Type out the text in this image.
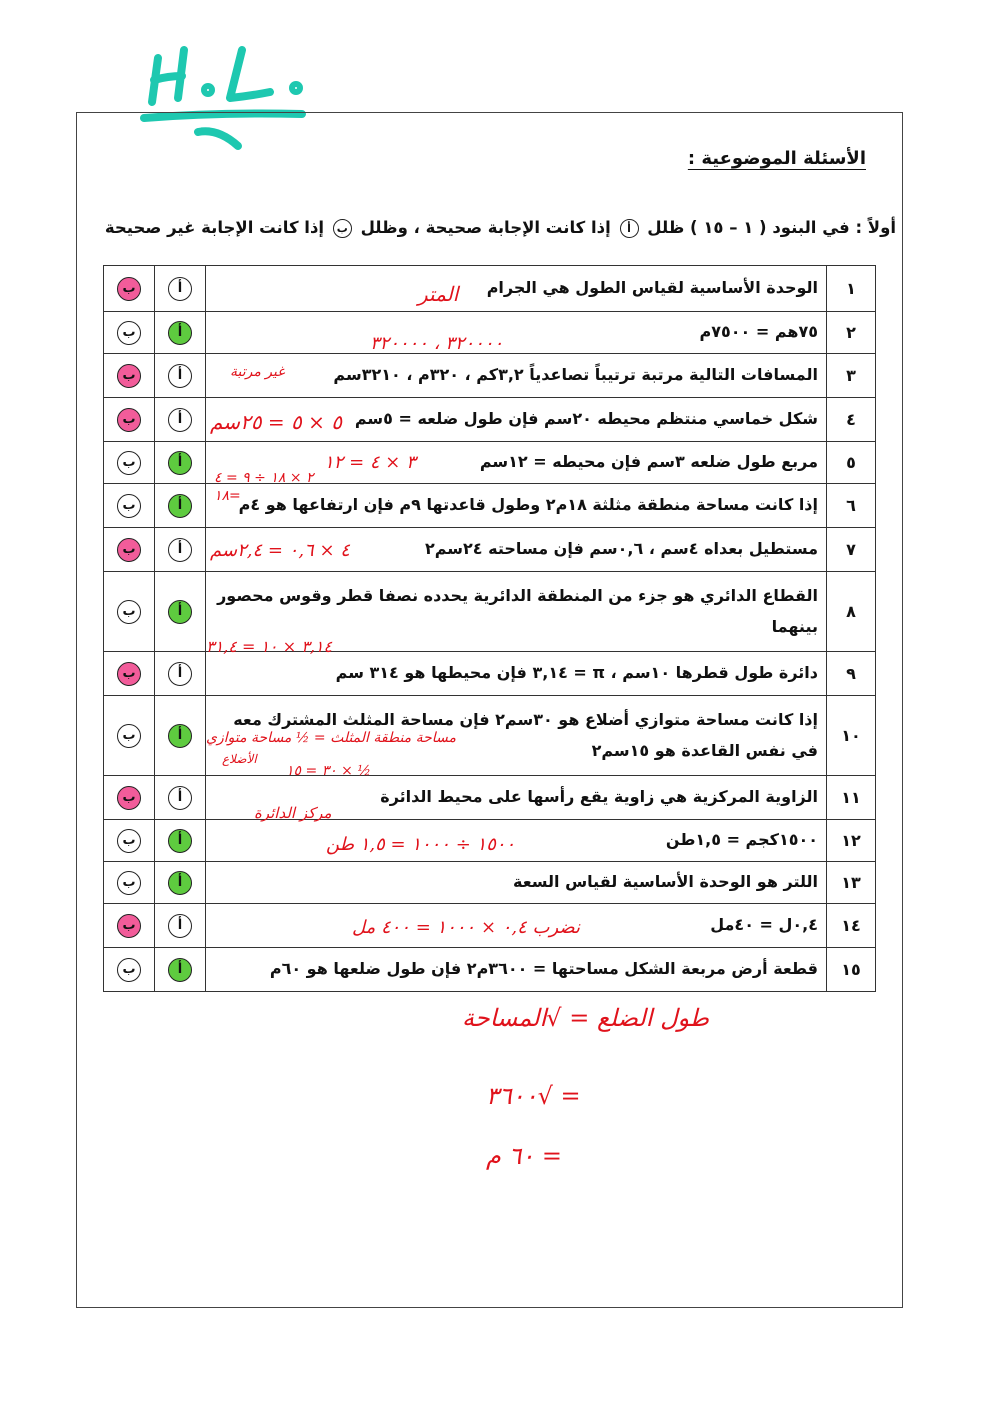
الأسئلة الموضوعية :
أولاً : في البنود ( ١ – ١٥ ) ظلل أ إذا كانت الإجابة صحيحة ، وظلل ب إذا كانت الإجابة غير صحيحة
١	الوحدة الأساسية لقياس الطول هي الجرام	أ	ب
٢	٧٥هم = ٧٥٠٠م	أ	ب
٣	المسافات التالية مرتبة ترتيباً تصاعدياً ٣,٢كم ، ٣٢٠م ، ٣٢١٠سم	أ	ب
٤	شكل خماسي منتظم محيطه ٢٠سم فإن طول ضلعه = ٥سم	أ	ب
٥	مربع طول ضلعه ٣سم فإن محيطه = ١٢سم	أ	ب
٦	إذا كانت مساحة منطقة مثلثة ١٨م٢ وطول قاعدتها ٩م فإن ارتفاعها هو ٤م	أ	ب
٧	مستطيل بعداه ٤سم ، ٠,٦سم فإن مساحته ٢٤سم٢	أ	ب
٨	القطاع الدائري هو جزء من المنطقة الدائرية يحدده نصفا قطر وقوس محصور بينهما	أ	ب
٩	دائرة طول قطرها ١٠سم ، π = ٣,١٤ فإن محيطها هو ٣١٤ سم	أ	ب
١٠	إذا كانت مساحة متوازي أضلاع هو ٣٠سم٢ فإن مساحة المثلث المشترك معه في نفس القاعدة هو ١٥سم٢	أ	ب
١١	الزاوية المركزية هي زاوية يقع رأسها على محيط الدائرة	أ	ب
١٢	١٥٠٠كجم = ١,٥طن	أ	ب
١٣	اللتر هو الوحدة الأساسية لقياس السعة	أ	ب
١٤	٠,٤ل = ٤٠مل	أ	ب
١٥	قطعة أرض مربعة الشكل مساحتها = ٣٦٠٠م٢ فإن طول ضلعها هو ٦٠م	أ	ب
المتر
٣٢٠٠٠٠ ، ٣٢٠٠٠٠
غير مرتبة
٥ × ٥ = ٢٥سم
٣ × ٤ = ١٢
٢ × ١٨ ÷ ٩ = ٤
=١٨
٤ × ٠,٦ = ٢,٤سم
٣,١٤ × ١٠ = ٣١,٤
مساحة منطقة المثلث = ½ مساحة متوازي
½ × ٣٠ = ١٥
الأضلاع
مركز الدائرة
١٥٠٠ ÷ ١٠٠٠ = ١,٥ طن
نضرب ٠,٤ × ١٠٠٠ = ٤٠٠ مل
طول الضلع = √المساحة
= √٣٦٠٠
= ٦٠ م
